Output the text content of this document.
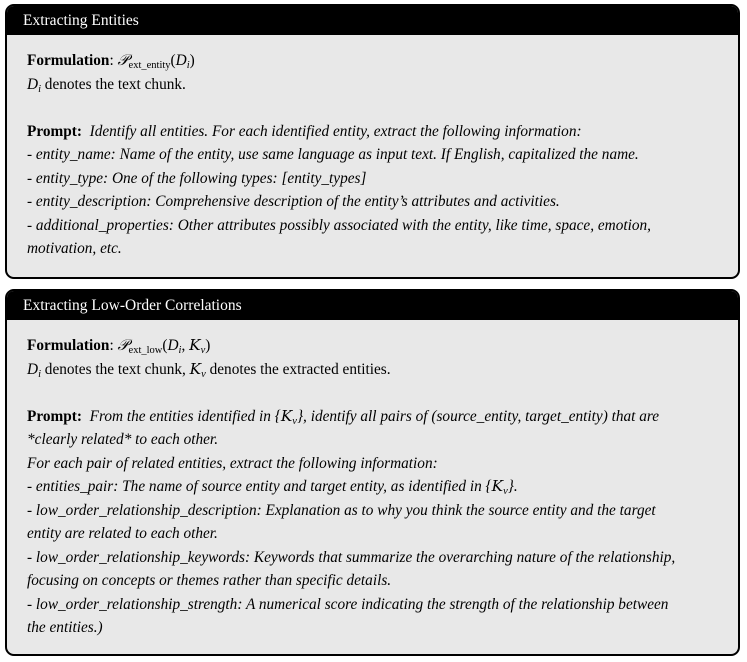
Extracting Entities
Formulation: $𝒫_{ext\_entity}(D_i)$
$D_i$ denotes the text chunk.
Prompt: Identify all entities. For each identified entity, extract the following information:
- entity_name: Name of the entity, use same language as input text. If English, capitalized the name.
- entity_type: One of the following types: [entity_types]
- entity_description: Comprehensive description of the entity’s attributes and activities.
- additional_properties: Other attributes possibly associated with the entity, like time, space, emotion,
motivation, etc.
Extracting Low-Order Correlations
Formulation: $𝒫_{ext\_low}(D_i$, $K_v$)
$D_i$ denotes the text chunk, $K_v$ denotes the extracted entities.
Prompt: From the entities identified in $\{K_v\}$, identify all pairs of (source_entity, target_entity) that are
*clearly related* to each other.
For each pair of related entities, extract the following information:
- entities_pair: The name of source entity and target entity, as identified in $\{K_v\}$.
- low_order_relationship_description: Explanation as to why you think the source entity and the target
entity are related to each other.
- low_order_relationship_keywords: Keywords that summarize the overarching nature of the relationship,
focusing on concepts or themes rather than specific details.
- low_order_relationship_strength: A numerical score indicating the strength of the relationship between
the entities.)
